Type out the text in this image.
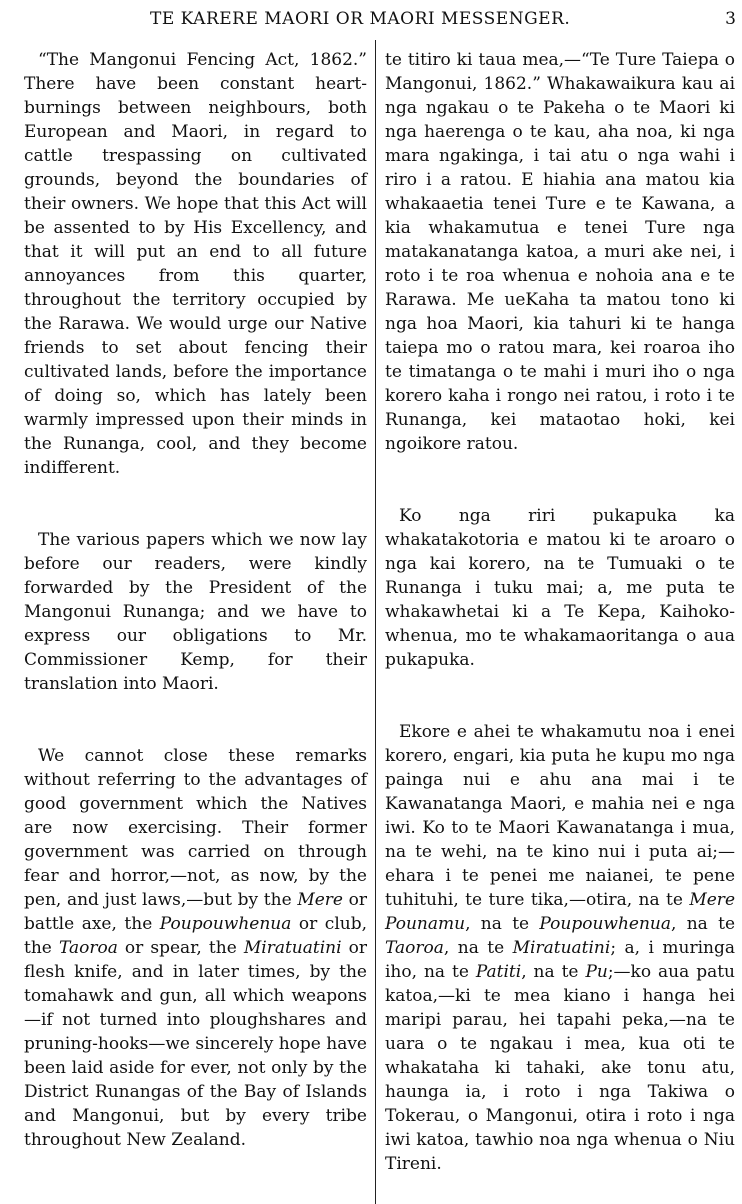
TE KARERE MAORI OR MAORI MESSENGER.	3

“The Mangonui Fencing Act, 1862.” There have been constant heart-burnings between neighbours, both European and Maori, in regard to cattle trespassing on cultivated grounds, beyond the boundaries of their owners. We hope that this Act will be assented to by His Excellency, and that it will put an end to all future annoyances from this quarter, throughout the territory occupied by the Rarawa. We would urge our Native friends to set about fencing their cultivated lands, before the importance of doing so, which has lately been warmly impressed upon their minds in the Runanga, cool, and they become indifferent.

The various papers which we now lay before our readers, were kindly forwarded by the President of the Mangonui Runanga; and we have to express our obligations to Mr. Commissioner Kemp, for their translation into Maori.

We cannot close these remarks without referring to the advantages of good government which the Natives are now exercising. Their former government was carried on through fear and horror,—not, as now, by the pen, and just laws,—but by the Mere or battle axe, the Poupouwhenua or club, the Taoroa or spear, the Miratuatini or flesh knife, and in later times, by the tomahawk and gun, all which weapons—if not turned into ploughshares and pruning-hooks—we sincerely hope have been laid aside for ever, not only by the District Runangas of the Bay of Islands and Mangonui, but by every tribe throughout New Zealand.

te titiro ki taua mea,—“Te Ture Taiepa o Mangonui, 1862.” Whakawaikura kau ai nga ngakau o te Pakeha o te Maori ki nga haerenga o te kau, aha noa, ki nga mara ngakinga, i tai atu o nga wahi i riro i a ratou. E hiahia ana matou kia whakaaetia tenei Ture e te Kawana, a kia whakamutua e tenei Ture nga matakanatanga katoa, a muri ake nei, i roto i te roa whenua e nohoia ana e te Rarawa. Me ueKaha ta matou tono ki nga hoa Maori, kia tahuri ki te hanga taiepa mo o ratou mara, kei roaroa iho te timatanga o te mahi i muri iho o nga korero kaha i rongo nei ratou, i roto i te Runanga, kei mataotao hoki, kei ngoikore ratou.

Ko nga riri pukapuka ka whakatakotoria e matou ki te aroaro o nga kai korero, na te Tumuaki o te Runanga i tuku mai; a, me puta te whakawhetai ki a Te Kepa, Kaihoko-whenua, mo te whakamaoritanga o aua pukapuka.

Ekore e ahei te whakamutu noa i enei korero, engari, kia puta he kupu mo nga painga nui e ahu ana mai i te Kawanatanga Maori, e mahia nei e nga iwi. Ko to te Maori Kawanatanga i mua, na te wehi, na te kino nui i puta ai;—ehara i te penei me naianei, te pene tuhituhi, te ture tika,—otira, na te Mere Pounamu, na te Poupouwhenua, na te Taoroa, na te Miratuatini; a, i muringa iho, na te Patiti, na te Pu;—ko aua patu katoa,—ki te mea kiano i hanga hei maripi parau, hei tapahi peka,—na te uara o te ngakau i mea, kua oti te whakataha ki tahaki, ake tonu atu, haunga ia, i roto i nga Takiwa o Tokerau, o Mangonui, otira i roto i nga iwi katoa, tawhio noa nga whenua o Niu Tireni.
